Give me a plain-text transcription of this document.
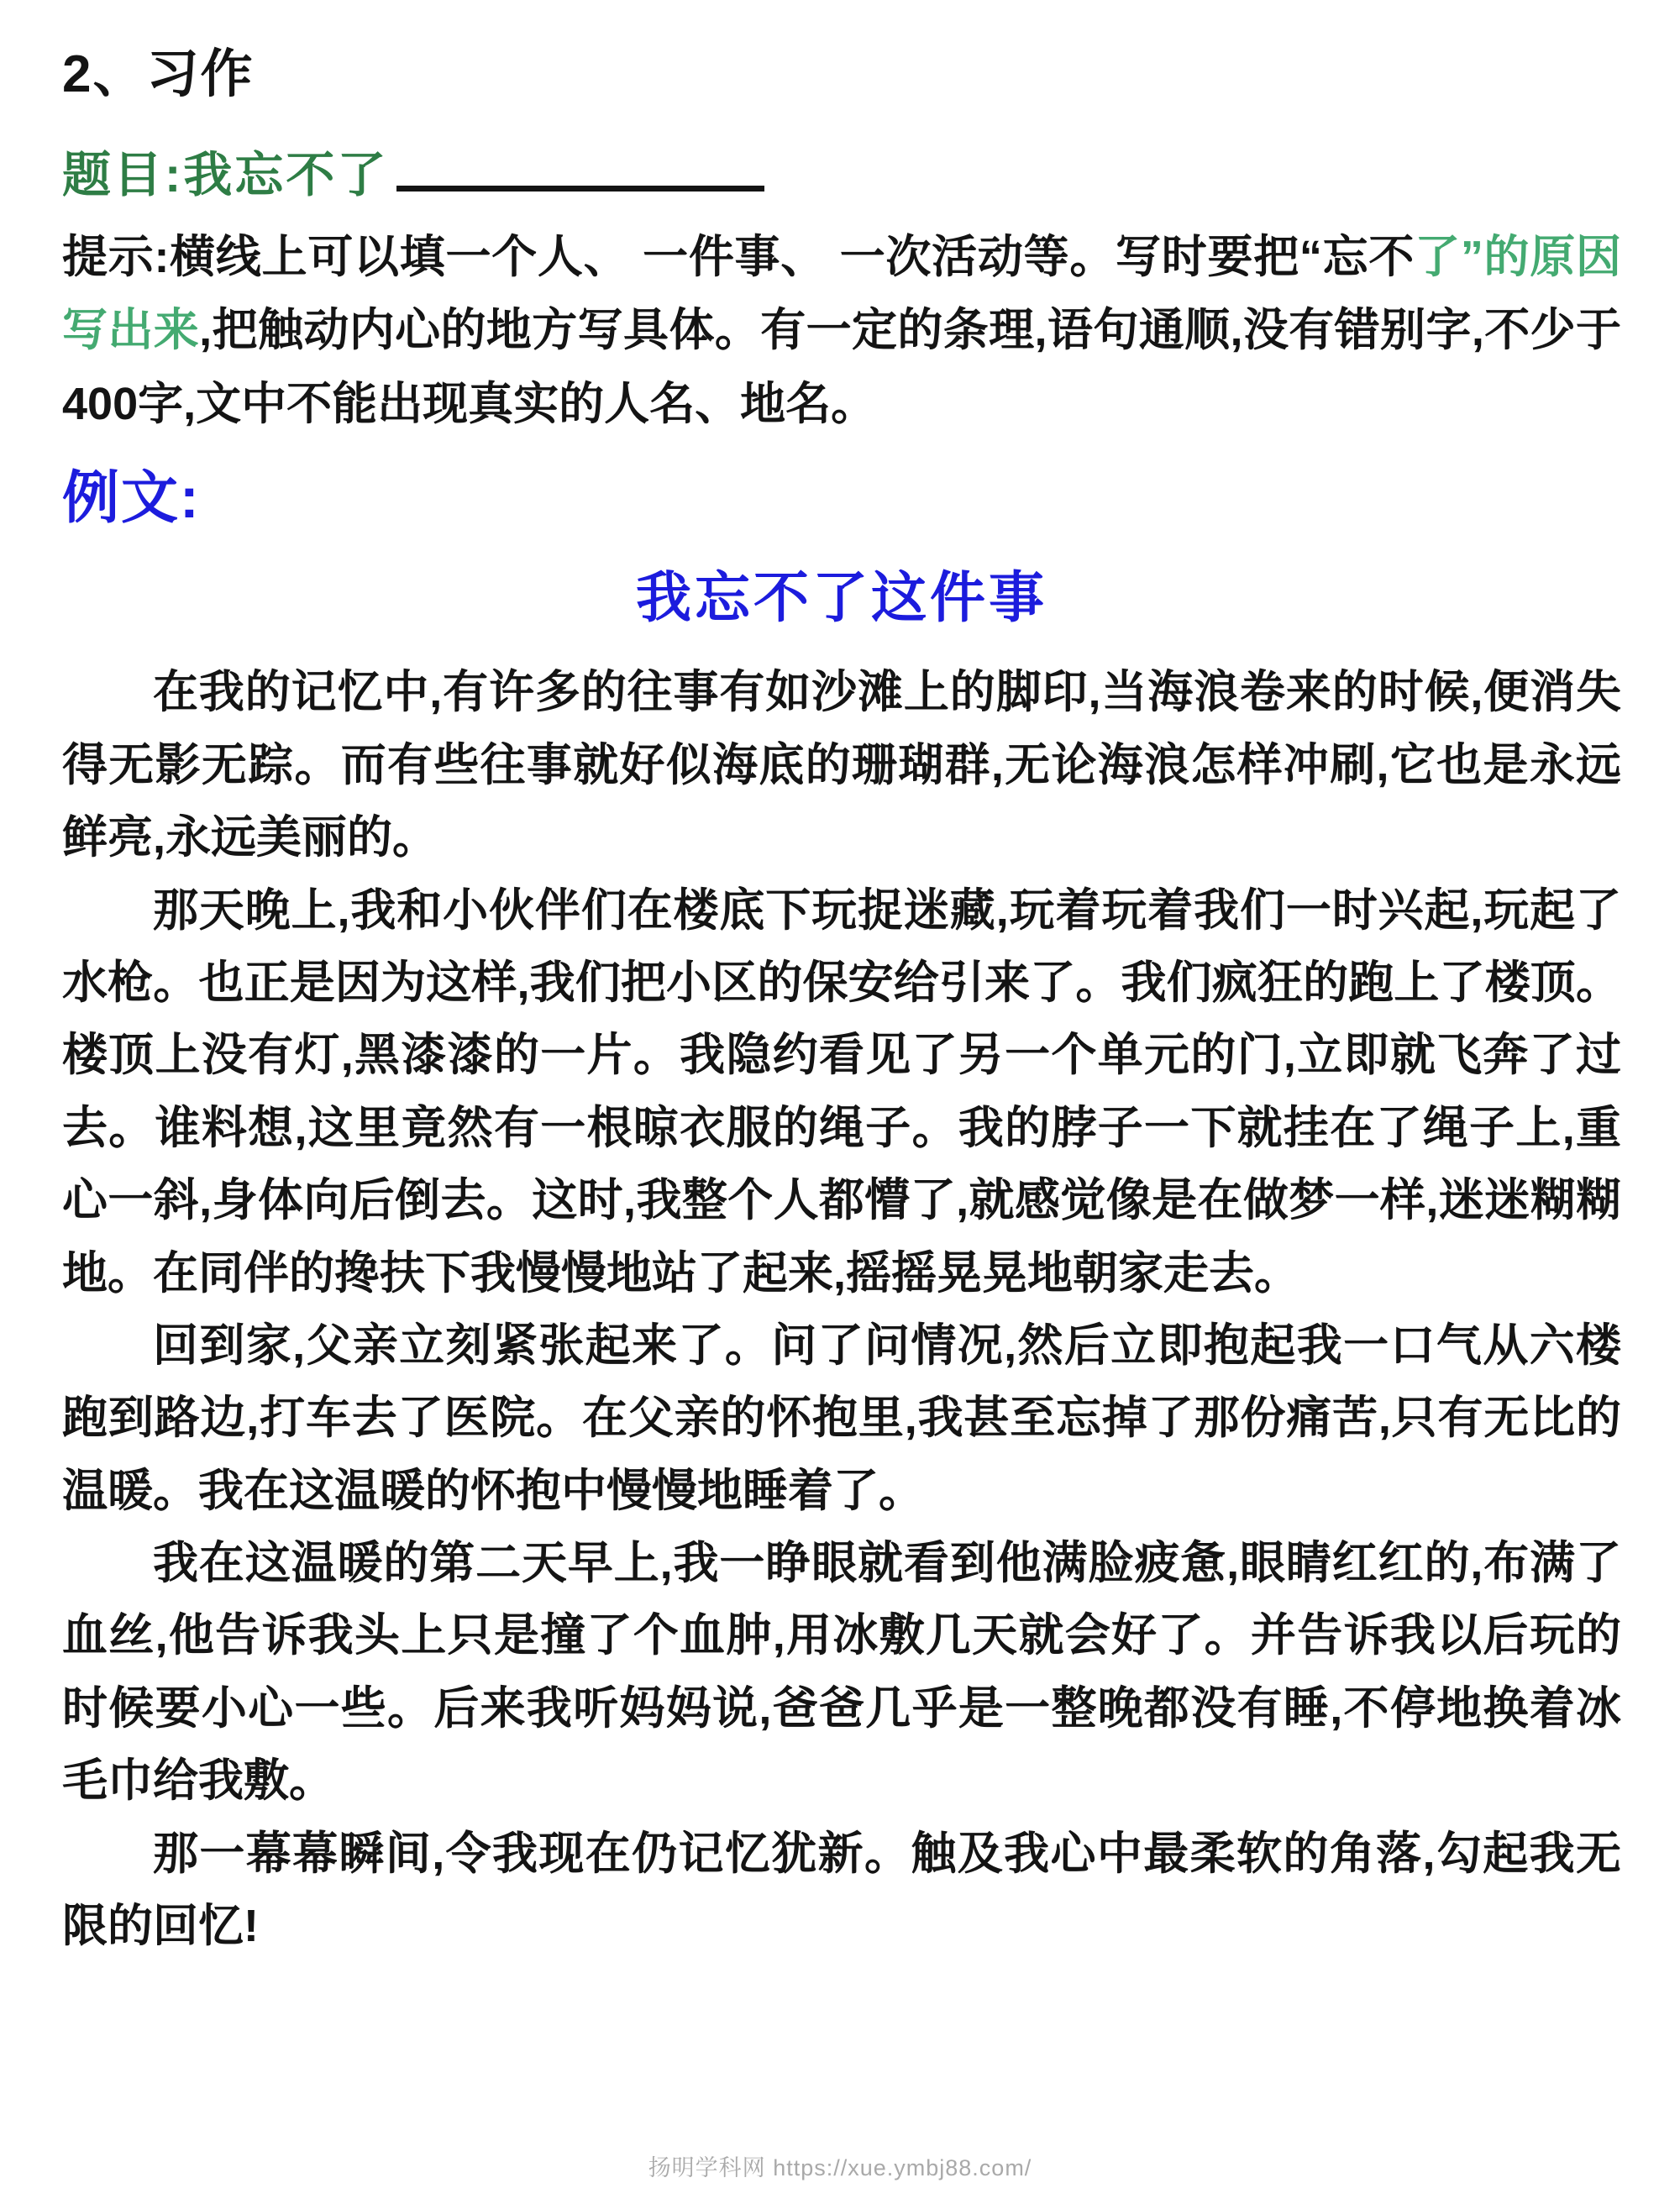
2、习作
题目:我忘不了

提示:横线上可以填一个人、 一件事、 一次活动等。写时要把“忘不了”的原因写出来,把触动内心的地方写具体。有一定的条理,语句通顺,没有错别字,不少于400字,文中不能出现真实的人名、地名。

例文:
我忘不了这件事

在我的记忆中,有许多的往事有如沙滩上的脚印,当海浪卷来的时候,便消失得无影无踪。而有些往事就好似海底的珊瑚群,无论海浪怎样冲刷,它也是永远鲜亮,永远美丽的。

那天晚上,我和小伙伴们在楼底下玩捉迷藏,玩着玩着我们一时兴起,玩起了水枪。也正是因为这样,我们把小区的保安给引来了。我们疯狂的跑上了楼顶。楼顶上没有灯,黑漆漆的一片。我隐约看见了另一个单元的门,立即就飞奔了过去。谁料想,这里竟然有一根晾衣服的绳子。我的脖子一下就挂在了绳子上,重心一斜,身体向后倒去。这时,我整个人都懵了,就感觉像是在做梦一样,迷迷糊糊地。在同伴的搀扶下我慢慢地站了起来,摇摇晃晃地朝家走去。

回到家,父亲立刻紧张起来了。问了问情况,然后立即抱起我一口气从六楼跑到路边,打车去了医院。在父亲的怀抱里,我甚至忘掉了那份痛苦,只有无比的温暖。我在这温暖的怀抱中慢慢地睡着了。

我在这温暖的第二天早上,我一睁眼就看到他满脸疲惫,眼睛红红的,布满了血丝,他告诉我头上只是撞了个血肿,用冰敷几天就会好了。并告诉我以后玩的时候要小心一些。后来我听妈妈说,爸爸几乎是一整晚都没有睡,不停地换着冰毛巾给我敷。

那一幕幕瞬间,令我现在仍记忆犹新。触及我心中最柔软的角落,勾起我无限的回忆!

扬明学科网 https://xue.ymbj88.com/
